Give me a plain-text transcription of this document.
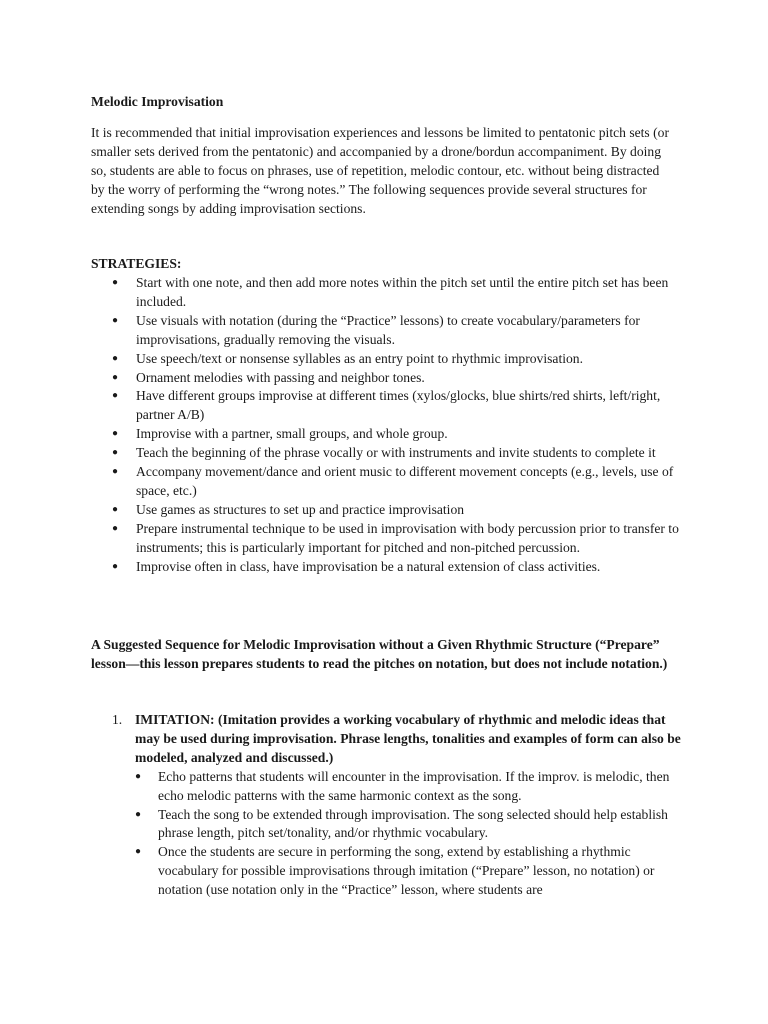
Melodic Improvisation

It is recommended that initial improvisation experiences and lessons be limited to pentatonic pitch sets (or smaller sets derived from the pentatonic) and accompanied by a drone/bordun accompaniment. By doing so, students are able to focus on phrases, use of repetition, melodic contour, etc. without being distracted by the worry of performing the “wrong notes.” The following sequences provide several structures for extending songs by adding improvisation sections.

STRATEGIES:

● Start with one note, and then add more notes within the pitch set until the entire pitch set has been included.
● Use visuals with notation (during the “Practice” lessons) to create vocabulary/parameters for improvisations, gradually removing the visuals.
● Use speech/text or nonsense syllables as an entry point to rhythmic improvisation.
● Ornament melodies with passing and neighbor tones.
● Have different groups improvise at different times (xylos/glocks, blue shirts/red shirts, left/right, partner A/B)
● Improvise with a partner, small groups, and whole group.
● Teach the beginning of the phrase vocally or with instruments and invite students to complete it
● Accompany movement/dance and orient music to different movement concepts (e.g., levels, use of space, etc.)
● Use games as structures to set up and practice improvisation
● Prepare instrumental technique to be used in improvisation with body percussion prior to transfer to instruments; this is particularly important for pitched and non-pitched percussion.
● Improvise often in class, have improvisation be a natural extension of class activities.

A Suggested Sequence for Melodic Improvisation without a Given Rhythmic Structure (“Prepare” lesson—this lesson prepares students to read the pitches on notation, but does not include notation.)

1. IMITATION: (Imitation provides a working vocabulary of rhythmic and melodic ideas that may be used during improvisation. Phrase lengths, tonalities and examples of form can also be modeled, analyzed and discussed.)
● Echo patterns that students will encounter in the improvisation. If the improv. is melodic, then echo melodic patterns with the same harmonic context as the song.
● Teach the song to be extended through improvisation. The song selected should help establish phrase length, pitch set/tonality, and/or rhythmic vocabulary.
● Once the students are secure in performing the song, extend by establishing a rhythmic vocabulary for possible improvisations through imitation (“Prepare” lesson, no notation) or notation (use notation only in the “Practice” lesson, where students are
